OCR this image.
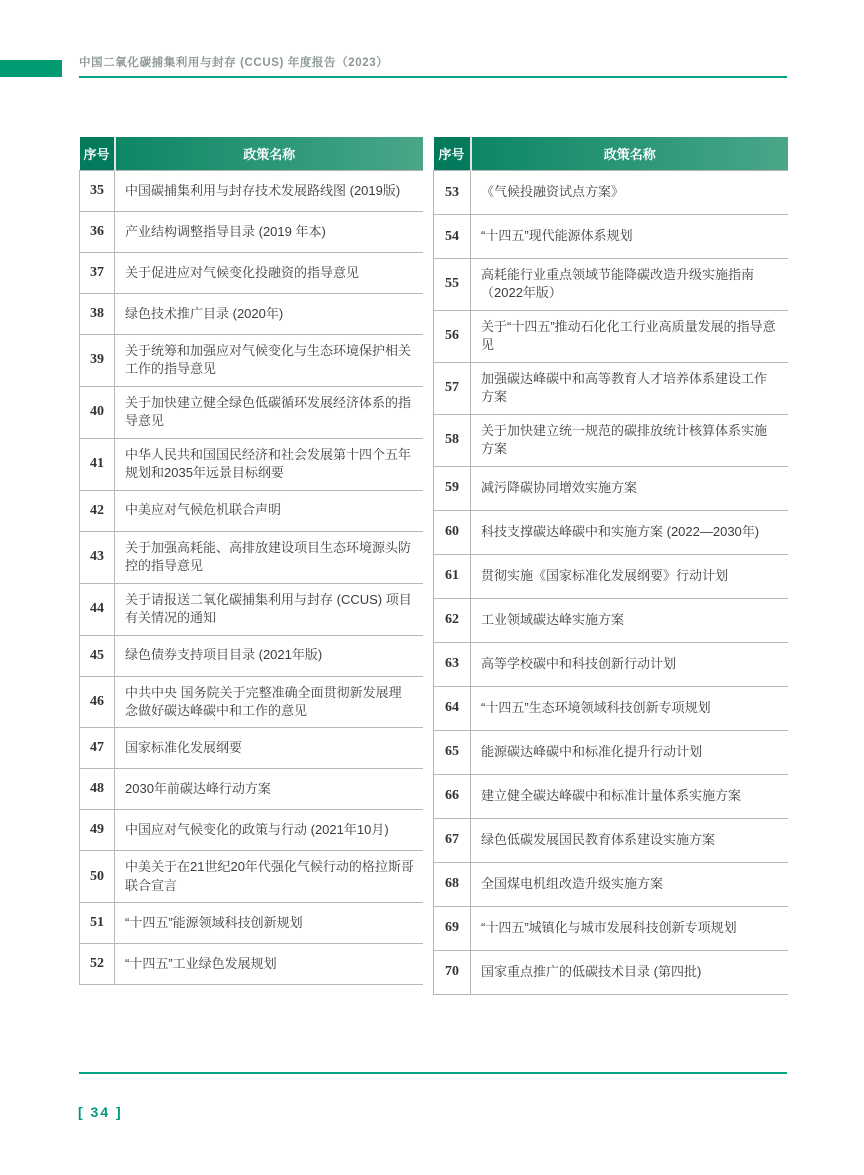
中国二氧化碳捕集利用与封存 (CCUS) 年度报告（2023）
序号	政策名称
35	中国碳捕集利用与封存技术发展路线图 (2019版)
36	产业结构调整指导目录 (2019 年本)
37	关于促进应对气候变化投融资的指导意见
38	绿色技术推广目录 (2020年)
39	关于统筹和加强应对气候变化与生态环境保护相关工作的指导意见
40	关于加快建立健全绿色低碳循环发展经济体系的指导意见
41	中华人民共和国国民经济和社会发展第十四个五年规划和2035年远景目标纲要
42	中美应对气候危机联合声明
43	关于加强高耗能、高排放建设项目生态环境源头防控的指导意见
44	关于请报送二氧化碳捕集利用与封存 (CCUS) 项目有关情况的通知
45	绿色债券支持项目目录 (2021年版)
46	中共中央 国务院关于完整准确全面贯彻新发展理念做好碳达峰碳中和工作的意见
47	国家标准化发展纲要
48	2030年前碳达峰行动方案
49	中国应对气候变化的政策与行动 (2021年10月)
50	中美关于在21世纪20年代强化气候行动的格拉斯哥联合宣言
51	“十四五”能源领域科技创新规划
52	“十四五”工业绿色发展规划
序号	政策名称
53	《气候投融资试点方案》
54	“十四五”现代能源体系规划
55	高耗能行业重点领域节能降碳改造升级实施指南（2022年版）
56	关于“十四五”推动石化化工行业高质量发展的指导意见
57	加强碳达峰碳中和高等教育人才培养体系建设工作方案
58	关于加快建立统一规范的碳排放统计核算体系实施方案
59	减污降碳协同增效实施方案
60	科技支撑碳达峰碳中和实施方案 (2022—2030年)
61	贯彻实施《国家标准化发展纲要》行动计划
62	工业领域碳达峰实施方案
63	高等学校碳中和科技创新行动计划
64	“十四五”生态环境领域科技创新专项规划
65	能源碳达峰碳中和标准化提升行动计划
66	建立健全碳达峰碳中和标准计量体系实施方案
67	绿色低碳发展国民教育体系建设实施方案
68	全国煤电机组改造升级实施方案
69	“十四五”城镇化与城市发展科技创新专项规划
70	国家重点推广的低碳技术目录 (第四批)
[ 34 ]
